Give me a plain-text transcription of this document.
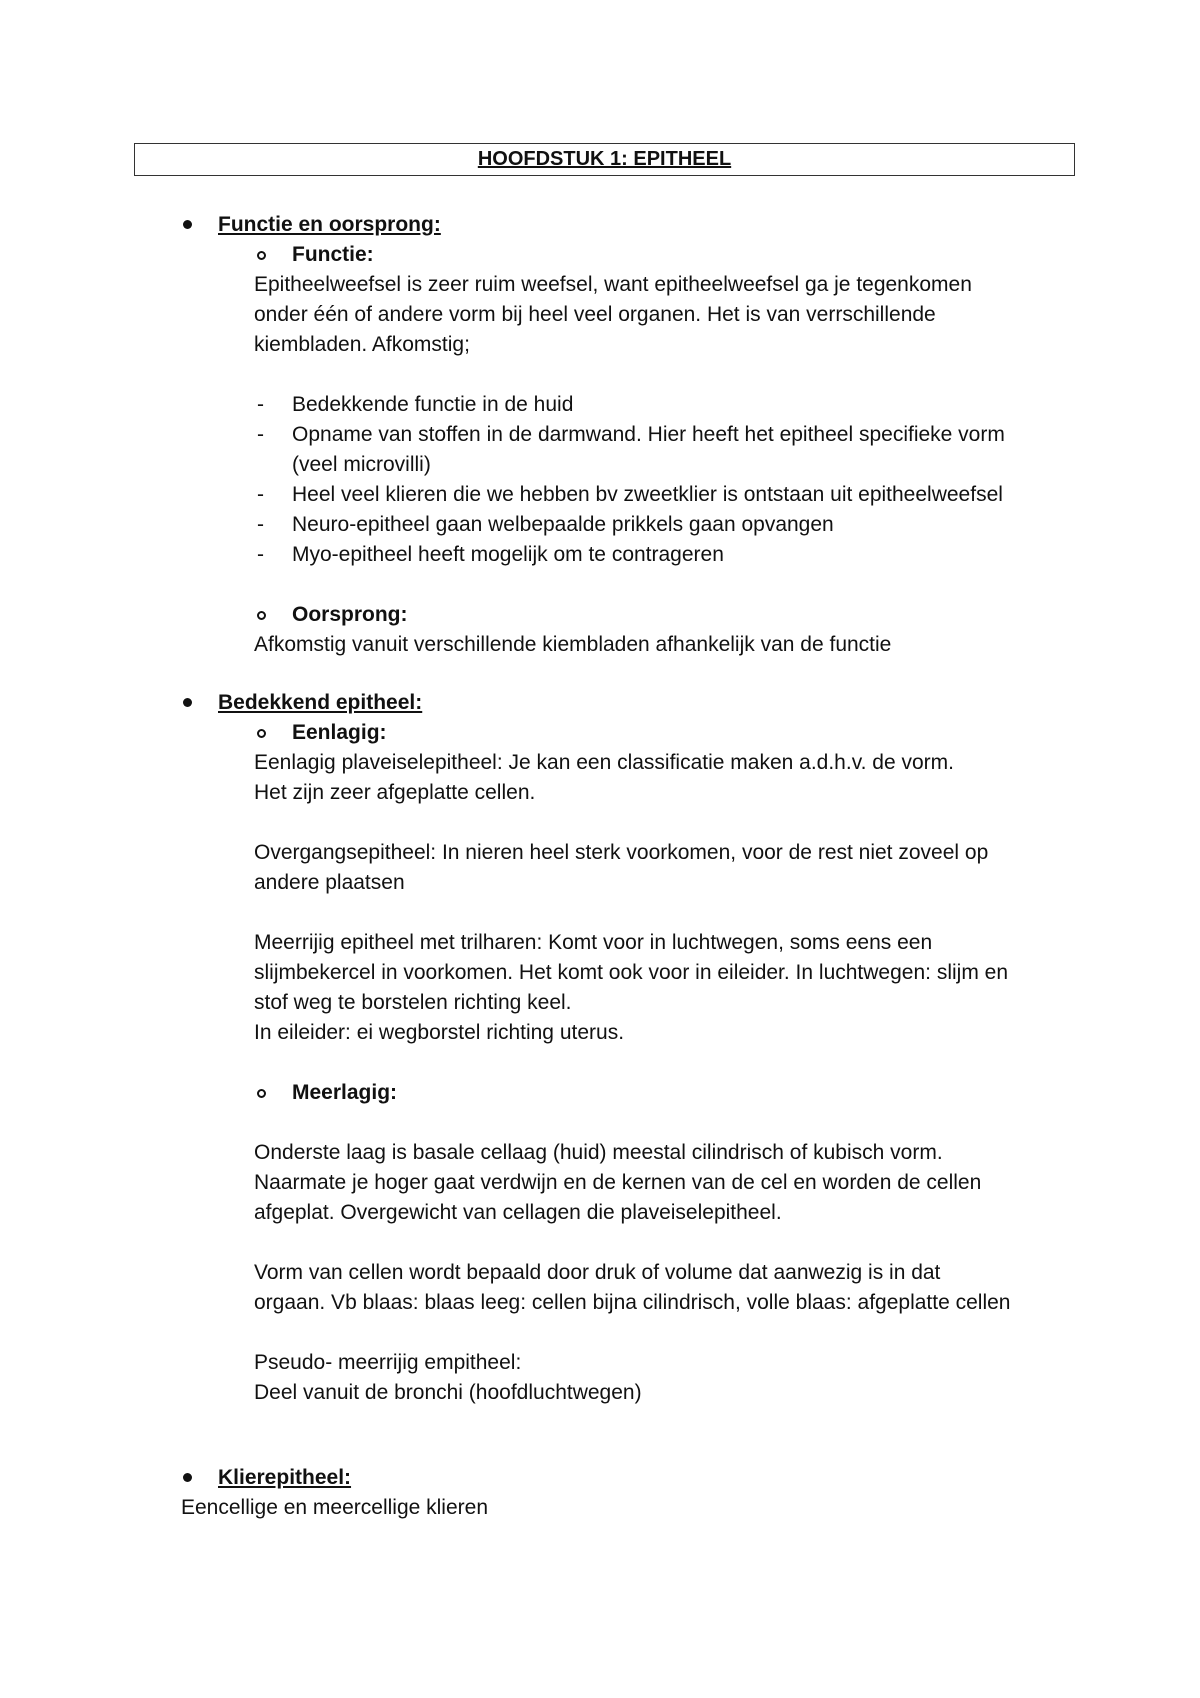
HOOFDSTUK 1: EPITHEEL
Functie en oorsprong:
Functie:
Epitheelweefsel is zeer ruim weefsel, want epitheelweefsel ga je tegenkomen
onder één of andere vorm bij heel veel organen. Het is van verrschillende
kiembladen. Afkomstig;
- Bedekkende functie in de huid
- Opname van stoffen in de darmwand. Hier heeft het epitheel specifieke vorm
(veel microvilli)
- Heel veel klieren die we hebben bv zweetklier is ontstaan uit epitheelweefsel
- Neuro-epitheel gaan welbepaalde prikkels gaan opvangen
- Myo-epitheel heeft mogelijk om te contrageren
Oorsprong:
Afkomstig vanuit verschillende kiembladen afhankelijk van de functie
Bedekkend epitheel:
Eenlagig:
Eenlagig plaveiselepitheel: Je kan een classificatie maken a.d.h.v. de vorm.
Het zijn zeer afgeplatte cellen.
Overgangsepitheel: In nieren heel sterk voorkomen, voor de rest niet zoveel op
andere plaatsen
Meerrijig epitheel met trilharen: Komt voor in luchtwegen, soms eens een
slijmbekercel in voorkomen. Het komt ook voor in eileider. In luchtwegen: slijm en
stof weg te borstelen richting keel.
In eileider: ei wegborstel richting uterus.
Meerlagig:
Onderste laag is basale cellaag (huid) meestal cilindrisch of kubisch vorm.
Naarmate je hoger gaat verdwijn en de kernen van de cel en worden de cellen
afgeplat. Overgewicht van cellagen die plaveiselepitheel.
Vorm van cellen wordt bepaald door druk of volume dat aanwezig is in dat
orgaan. Vb blaas: blaas leeg: cellen bijna cilindrisch, volle blaas: afgeplatte cellen
Pseudo- meerrijig empitheel:
Deel vanuit de bronchi (hoofdluchtwegen)
Klierepitheel:
Eencellige en meercellige klieren
